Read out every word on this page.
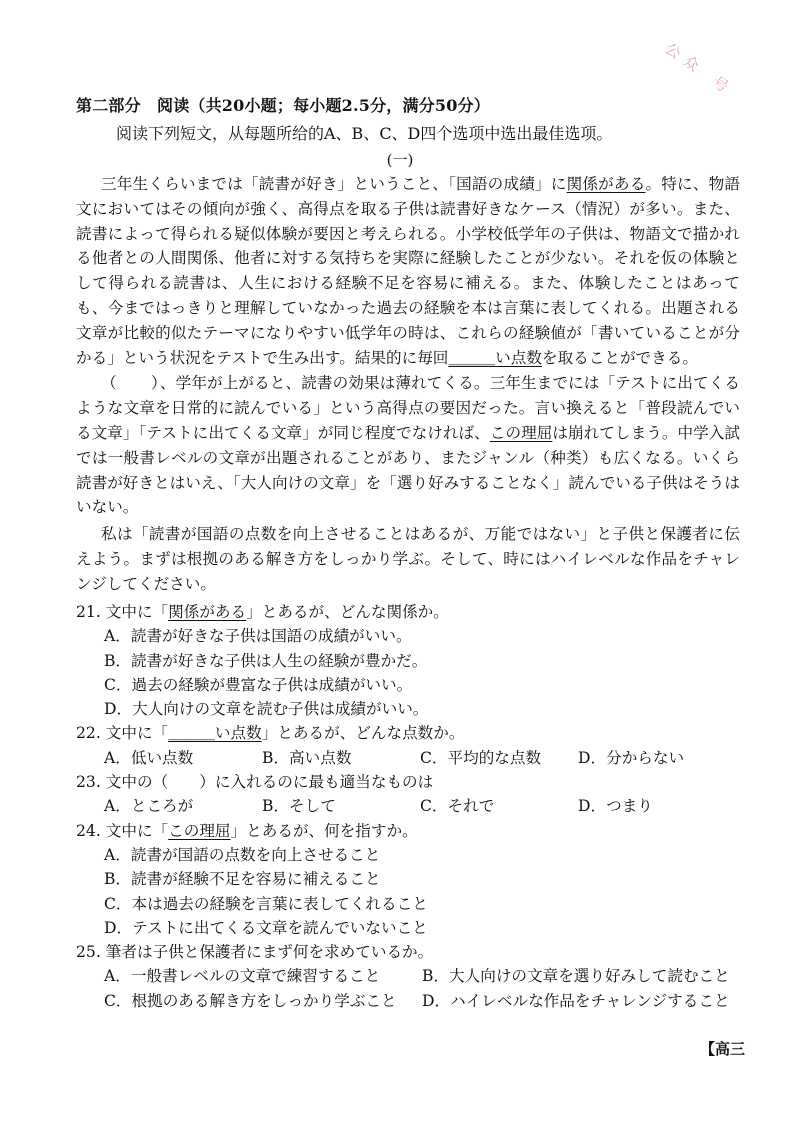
公
众
号
第二部分　阅读（共20小题；每小题2.5分，满分50分）
阅读下列短文，从每题所给的A、B、C、D四个选项中选出最佳选项。
(一)

三年生くらいまでは「読書が好き」ということ、「国語の成績」に関係がある。特に、物語文においてはその傾向が強く、高得点を取る子供は読書好きなケース（情況）が多い。また、読書によって得られる疑似体験が要因と考えられる。小学校低学年の子供は、物語文で描かれる他者との人間関係、他者に対する気持ちを実際に経験したことが少ない。それを仮の体験として得られる読書は、人生における経験不足を容易に補える。また、体験したことはあっても、今まではっきりと理解していなかった過去の経験を本は言葉に表してくれる。出題される文章が比較的似たテーマになりやすい低学年の時は、これらの経験値が「書いていることが分かる」という状況をテストで生み出す。結果的に毎回＿＿＿い点数を取ることができる。

（　　）、学年が上がると、読書の効果は薄れてくる。三年生までには「テストに出てくるような文章を日常的に読んでいる」という高得点の要因だった。言い換えると「普段読んでいる文章」「テストに出てくる文章」が同じ程度でなければ、この理屈は崩れてしまう。中学入試では一般書レベルの文章が出題されることがあり、またジャンル（种类）も広くなる。いくら読書が好きとはいえ、「大人向けの文章」を「選り好みすることなく」読んでいる子供はそうはいない。

私は「読書が国語の点数を向上させることはあるが、万能ではない」と子供と保護者に伝えよう。まずは根拠のある解き方をしっかり学ぶ。そして、時にはハイレベルな作品をチャレンジしてください。

21. 文中に「関係がある」とあるが、どんな関係か。
A．読書が好きな子供は国語の成績がいい。
B．読書が好きな子供は人生の経験が豊かだ。
C．過去の経験が豊富な子供は成績がいい。
D．大人向けの文章を読む子供は成績がいい。
22. 文中に「＿＿＿い点数」とあるが、どんな点数か。
A．低い点数	B．高い点数	C．平均的な点数	D．分からない
23. 文中の（　　）に入れるのに最も適当なものは
A．ところが	B．そして	C．それで	D．つまり
24. 文中に「この理屈」とあるが、何を指すか。
A．読書が国語の点数を向上させること
B．読書が経験不足を容易に補えること
C．本は過去の経験を言葉に表してくれること
D．テストに出てくる文章を読んでいないこと
25. 筆者は子供と保護者にまず何を求めているか。
A．一般書レベルの文章で練習すること	B．大人向けの文章を選り好みして読むこと
C．根拠のある解き方をしっかり学ぶこと	D．ハイレベルな作品をチャレンジすること
【高三
